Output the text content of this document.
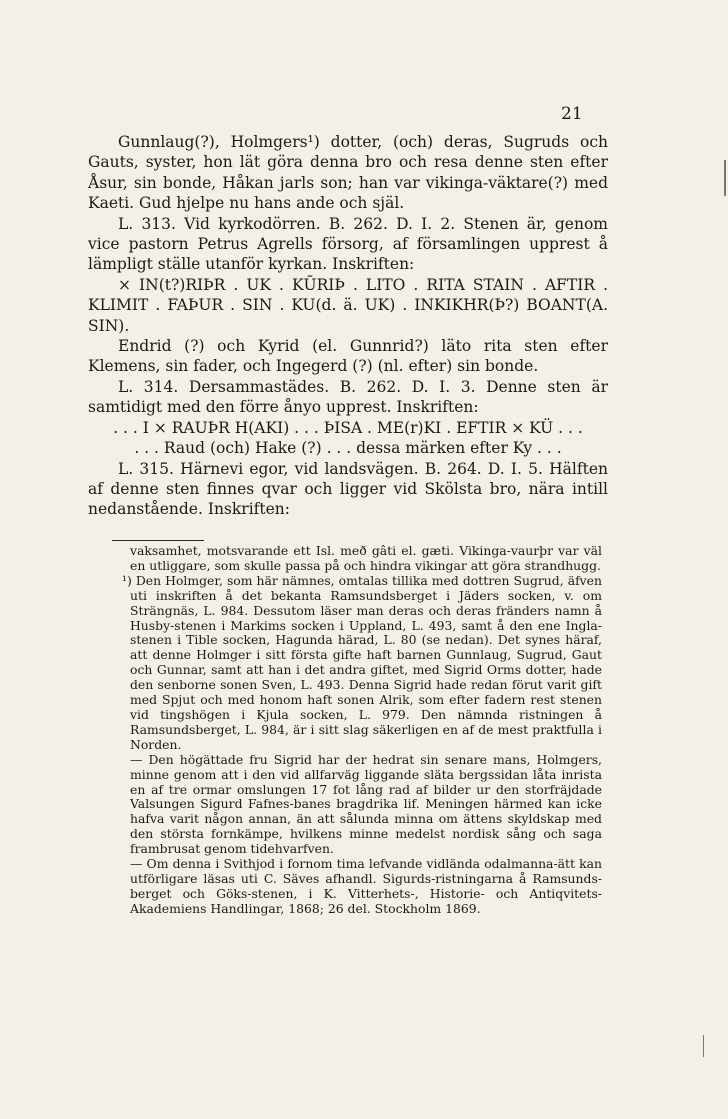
21

Gunnlaug(?), Holmgers¹) dotter, (och) deras, Sugruds och Gauts, syster, hon lät göra denna bro och resa denne sten efter Åsur, sin bonde, Håkan jarls son; han var vikinga-väktare(?) med Kaeti. Gud hjelpe nu hans ande och själ.

L. 313. Vid kyrkodörren. B. 262. D. I. 2. Stenen är, genom vice pastorn Petrus Agrells försorg, af församlingen upprest å lämpligt ställe utanför kyrkan. Inskriften:

× IN(t?)RIÞR . UK . KŪRIÞ . LITO . RITA STAIN . AFTIR . KLIMIT . FAÞUR . SIN . KU(d. ä. UK) . INKIKHR(Þ?) BOANT(A. SIN).

Endrid (?) och Kyrid (el. Gunnrid?) läto rita sten efter Klemens, sin fader, och Ingegerd (?) (nl. efter) sin bonde.

L. 314. Dersammastädes. B. 262. D. I. 3. Denne sten är samtidigt med den förre ånyo upprest. Inskriften:

. . . I × RAUÞR H(AKI) . . . ÞISA . ME(r)KI . EFTIR × KÜ . . .

. . . Raud (och) Hake (?) . . . dessa märken efter Ky . . .

L. 315. Härnevi egor, vid landsvägen. B. 264. D. I. 5. Hälften af denne sten finnes qvar och ligger vid Skölsta bro, nära intill nedanstående. Inskriften:

vaksamhet, motsvarande ett Isl. með gâti el. gæti. Vikinga-vaurþr var väl en utliggare, som skulle passa på och hindra vikingar att göra strandhugg.

¹) Den Holmger, som här nämnes, omtalas tillika med dottren Sugrud, äfven uti inskriften å det bekanta Ramsundsberget i Jäders socken, v. om Strängnäs, L. 984. Dessutom läser man deras och deras fränders namn å Husby-stenen i Markims socken i Uppland, L. 493, samt å den ene Ingla-stenen i Tible socken, Hagunda härad, L. 80 (se nedan). Det synes häraf, att denne Holmger i sitt första gifte haft barnen Gunnlaug, Sugrud, Gaut och Gunnar, samt att han i det andra giftet, med Sigrid Orms dotter, hade den senborne sonen Sven, L. 493. Denna Sigrid hade redan förut varit gift med Spjut och med honom haft sonen Alrik, som efter fadern rest stenen vid tingshögen i Kjula socken, L. 979. Den nämnda ristningen å Ramsundsberget, L. 984, är i sitt slag säkerligen en af de mest praktfulla i Norden.

— Den högättade fru Sigrid har der hedrat sin senare mans, Holmgers, minne genom att i den vid allfarväg liggande släta bergssidan låta inrista en af tre ormar omslungen 17 fot lång rad af bilder ur den storfräjdade Valsungen Sigurd Fafnes-banes bragdrika lif. Meningen härmed kan icke hafva varit någon annan, än att sålunda minna om ättens skyldskap med den största fornkämpe, hvilkens minne medelst nordisk sång och saga frambrusat genom tidehvarfven.

— Om denna i Svithjod i fornom tima lefvande vidlända odalmanna-ätt kan utförligare läsas uti C. Säves afhandl. Sigurds-ristningarna å Ramsunds-berget och Göks-stenen, i K. Vitterhets-, Historie- och Antiqvitets-Akademiens Handlingar, 1868; 26 del. Stockholm 1869.
